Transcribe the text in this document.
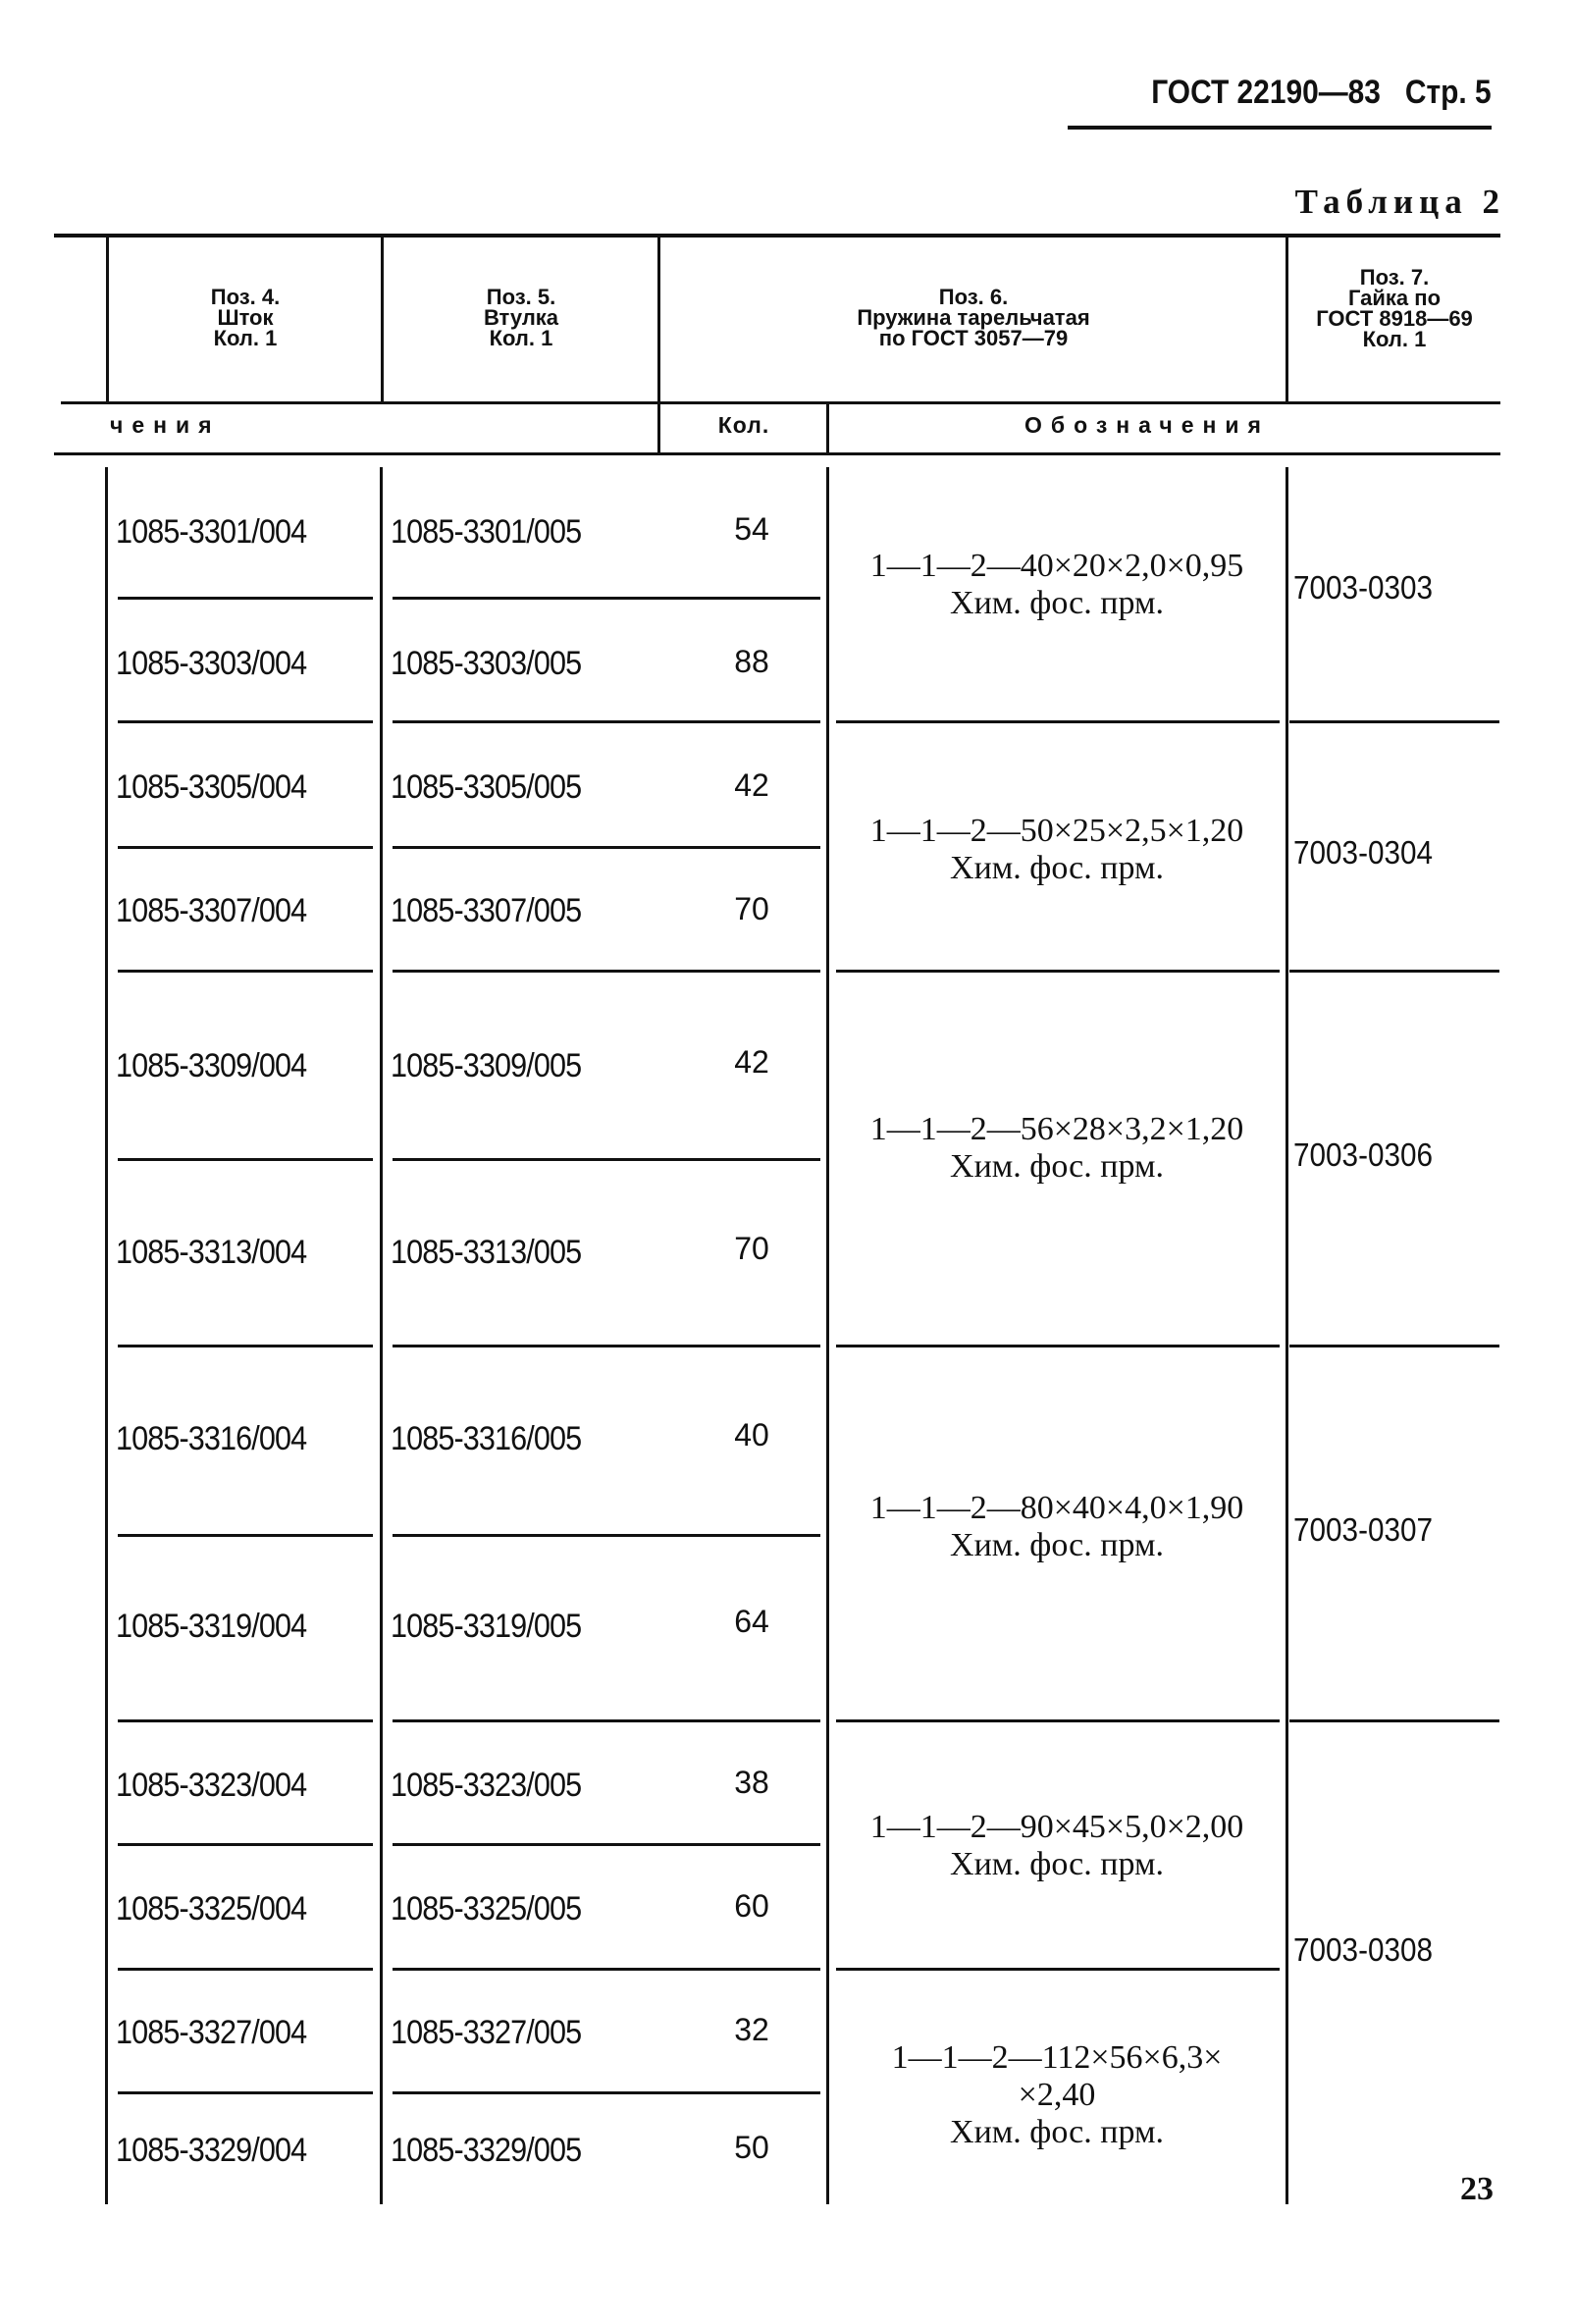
ГОСТ 22190—83 Стр. 5
Таблица 2
Поз. 4.
Шток
Кол. 1
Поз. 5.
Втулка
Кол. 1
Поз. 6.
Пружина тарельчатая
по ГОСТ 3057—79
Поз. 7.
Гайка по
ГОСТ 8918—69
Кол. 1
чения	Кол.	Обозначения
1085-3301/004
1085-3303/004
1085-3305/004
1085-3307/004
1085-3309/004
1085-3313/004
1085-3316/004
1085-3319/004
1085-3323/004
1085-3325/004
1085-3327/004
1085-3329/004
1085-3301/005
1085-3303/005
1085-3305/005
1085-3307/005
1085-3309/005
1085-3313/005
1085-3316/005
1085-3319/005
1085-3323/005
1085-3325/005
1085-3327/005
1085-3329/005
54
88
42
70
42
70
40
64
38
60
32
50
1—1—2—40×20×2,0×0,95
Хим. фос. прм.
1—1—2—50×25×2,5×1,20
Хим. фос. прм.
1—1—2—56×28×3,2×1,20
Хим. фос. прм.
1—1—2—80×40×4,0×1,90
Хим. фос. прм.
1—1—2—90×45×5,0×2,00
Хим. фос. прм.
1—1—2—112×56×6,3×
×2,40
Хим. фос. прм.
7003-0303
7003-0304
7003-0306
7003-0307
7003-0308
23
